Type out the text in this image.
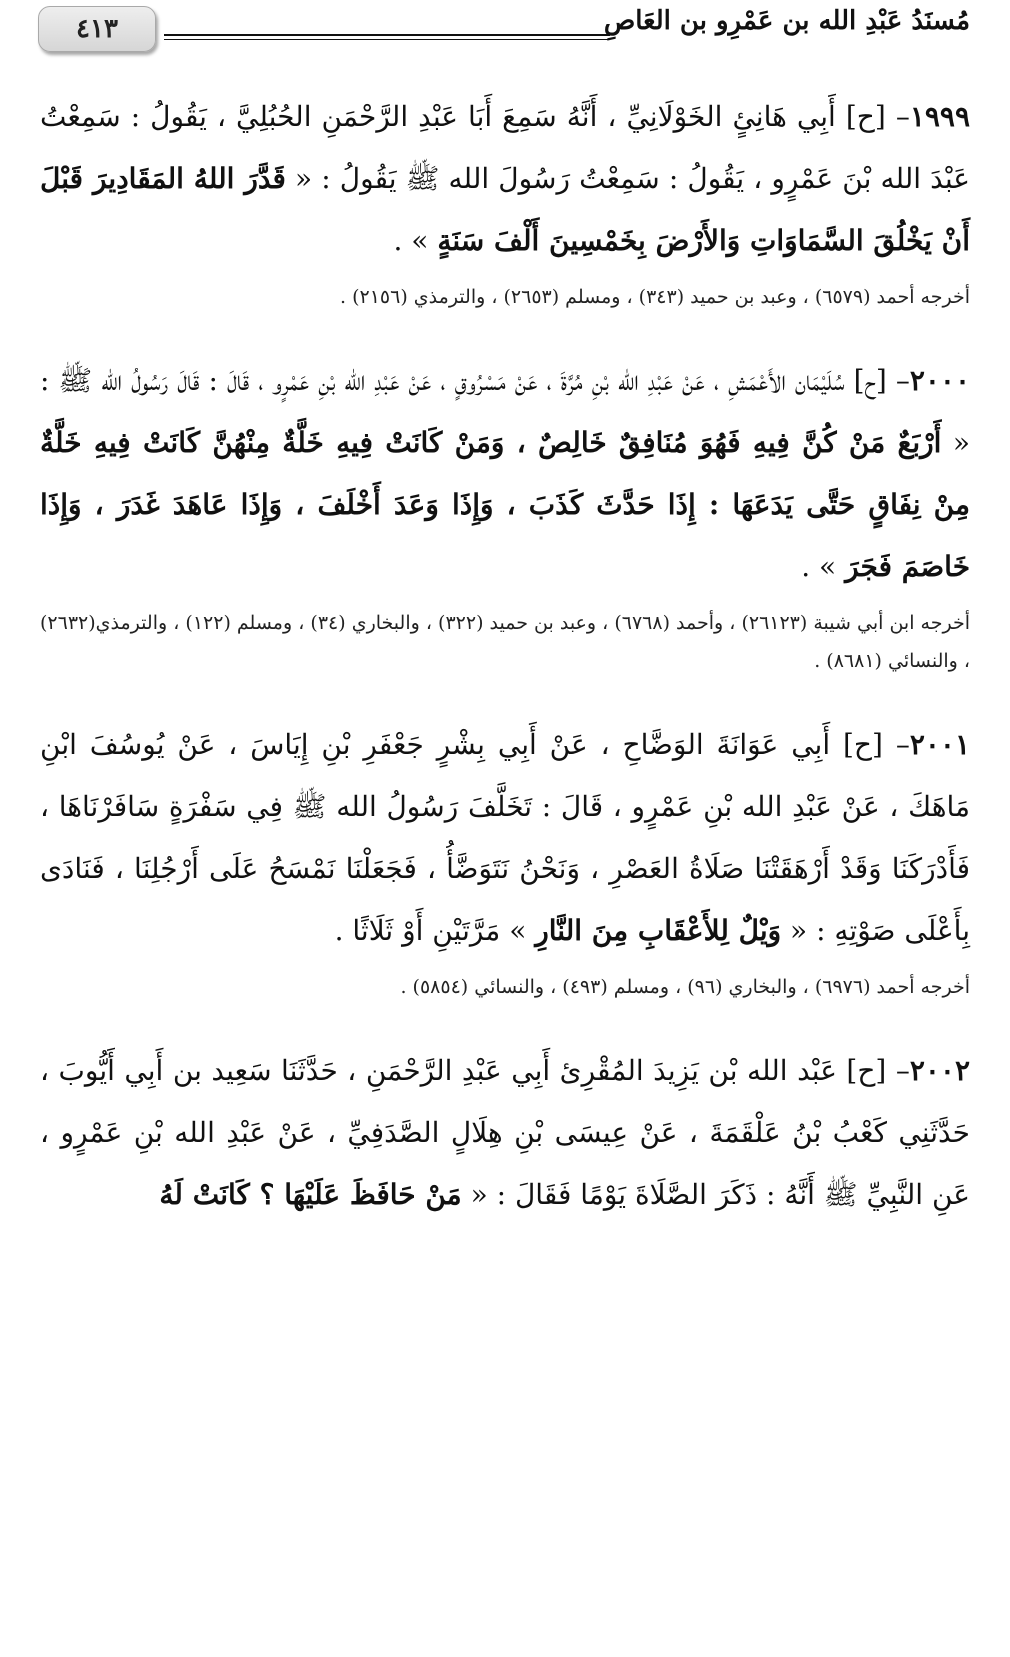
٤١٣	مُسنَدُ عَبْدِ الله بن عَمْرِو بن العَاصِ

١٩٩٩– [ح] أَبِي هَانِئٍ الخَوْلَانِيِّ ، أَنَّهُ سَمِعَ أَبَا عَبْدِ الرَّحْمَنِ الحُبُلِيَّ ، يَقُولُ : سَمِعْتُ عَبْدَ الله بْنَ عَمْرٍو ، يَقُولُ : سَمِعْتُ رَسُولَ الله ﷺ يَقُولُ : « قَدَّرَ اللهُ المَقَادِيرَ قَبْلَ أَنْ يَخْلُقَ السَّمَاوَاتِ وَالأَرْضَ بِخَمْسِينَ أَلْفَ سَنَةٍ » .

أخرجه أحمد (٦٥٧٩) ، وعبد بن حميد (٣٤٣) ، ومسلم (٢٦٥٣) ، والترمذي (٢١٥٦) .

٢٠٠٠– [ح] سُلَيْمَان الأَعْمَشِ ، عَنْ عَبْدِ الله بْنِ مُرَّةَ ، عَنْ مَسْرُوقٍ ، عَنْ عَبْدِ الله بْنِ عَمْرٍو ، قَالَ : قَالَ رَسُولُ الله ﷺ : « أَرْبَعٌ مَنْ كُنَّ فِيهِ فَهُوَ مُنَافِقٌ خَالِصٌ ، وَمَنْ كَانَتْ فِيهِ خَلَّةٌ مِنْهُنَّ كَانَتْ فِيهِ خَلَّةٌ مِنْ نِفَاقٍ حَتَّى يَدَعَهَا : إِذَا حَدَّثَ كَذَبَ ، وَإِذَا وَعَدَ أَخْلَفَ ، وَإِذَا عَاهَدَ غَدَرَ ، وَإِذَا خَاصَمَ فَجَرَ » .

أخرجه ابن أبي شيبة (٢٦١٢٣) ، وأحمد (٦٧٦٨) ، وعبد بن حميد (٣٢٢) ، والبخاري (٣٤) ، ومسلم (١٢٢) ، والترمذي(٢٦٣٢) ، والنسائي (٨٦٨١) .

٢٠٠١– [ح] أَبِي عَوَانَةَ الوَضَّاحِ ، عَنْ أَبِي بِشْرٍ جَعْفَرِ بْنِ إِيَاسَ ، عَنْ يُوسُفَ ابْنِ مَاهَكَ ، عَنْ عَبْدِ الله بْنِ عَمْرٍو ، قَالَ : تَخَلَّفَ رَسُولُ الله ﷺ فِي سَفْرَةٍ سَافَرْنَاهَا ، فَأَدْرَكَنَا وَقَدْ أَرْهَقَتْنَا صَلَاةُ العَصْرِ ، وَنَحْنُ نَتَوَضَّأُ ، فَجَعَلْنَا نَمْسَحُ عَلَى أَرْجُلِنَا ، فَنَادَى بِأَعْلَى صَوْتِهِ : « وَيْلٌ لِلأَعْقَابِ مِنَ النَّارِ » مَرَّتَيْنِ أَوْ ثَلَاثًا .

أخرجه أحمد (٦٩٧٦) ، والبخاري (٩٦) ، ومسلم (٤٩٣) ، والنسائي (٥٨٥٤) .

٢٠٠٢– [ح] عَبْد الله بْن يَزِيدَ المُقْرِئ أَبِي عَبْدِ الرَّحْمَنِ ، حَدَّثَنَا سَعِيد بن أَبِي أَيُّوبَ ، حَدَّثَنِي كَعْبُ بْنُ عَلْقَمَةَ ، عَنْ عِيسَى بْنِ هِلَالٍ الصَّدَفِيِّ ، عَنْ عَبْدِ الله بْنِ عَمْرٍو ، عَنِ النَّبِيِّ ﷺ أَنَّهُ : ذَكَرَ الصَّلَاةَ يَوْمًا فَقَالَ : « مَنْ حَافَظَ عَلَيْهَا ؟ كَانَتْ لَهُ
